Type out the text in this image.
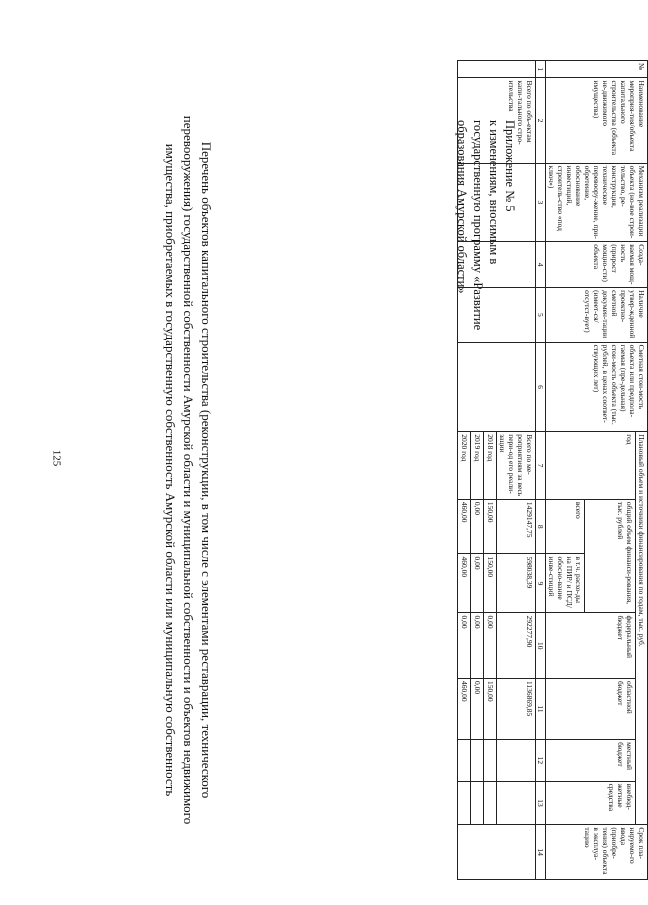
125
Приложение № 5
к изменениям, вносимым в
государственную программу «Развитие
образования Амурской области»
Перечень объектов капитального строительства (реконструкции, в том числе с элементами реставрации, технического
перевооружения) государственной собственности Амурской области и муниципальной собственности и объектов недвижимого
имущества, приобретаемых в государственную собственность Амурской области или муниципальную собственность
№	Наименование мероприя-тия/объекта капитального строительства (объекта не-движимого имущества)	Механизм реализации объекта (но-вое строи-тельство, ре-конструкция, техническое перевоору-жение, при-обретение, обоснование инвестиций, строитель-ство «под ключ»)	Созда-ваемая мощ-ность (прирост мощно-сти) объекта	Наличие утвер-жденной проектно-сметной докумен-тации (имеет-ся/отсутст-вует)	Сметная стои-мость объекта или предпола-гаемая (пре-дельная) стои-мость объекта (тыс. рублей, в ценах соответ-ствующих лет)	Плановый объем и источники финансирования по годам, тыс. руб.							Срок пла-нируемо-го ввода (приобре-тения) объекта в эксплуа-тацию
						год	общий объем финанси-рования, тыс. рублей		федеральный бюджет	областной бюджет	местный бюджет	внебюд-жетные средства	
							всего	в т.ч. расхо-ды на ПИР/ и ПСД/обосно-вание инве-стиций					
1	2	3	4	5	6	7	8	9	10	11	12	13	14
	Всего по объ-ектам капи-тального стро-ительства					Всего по ме-роприятиям за весь пери-од его реали-зации	1429147,75	598038,39	292277,90	1136869,85			
						2018 год	150,00	150,00	0,00	150,00			
						2019 год	0,00	0,00	0,00	0,00			
						2020 год	460,00	460,00	0,00	460,00			
